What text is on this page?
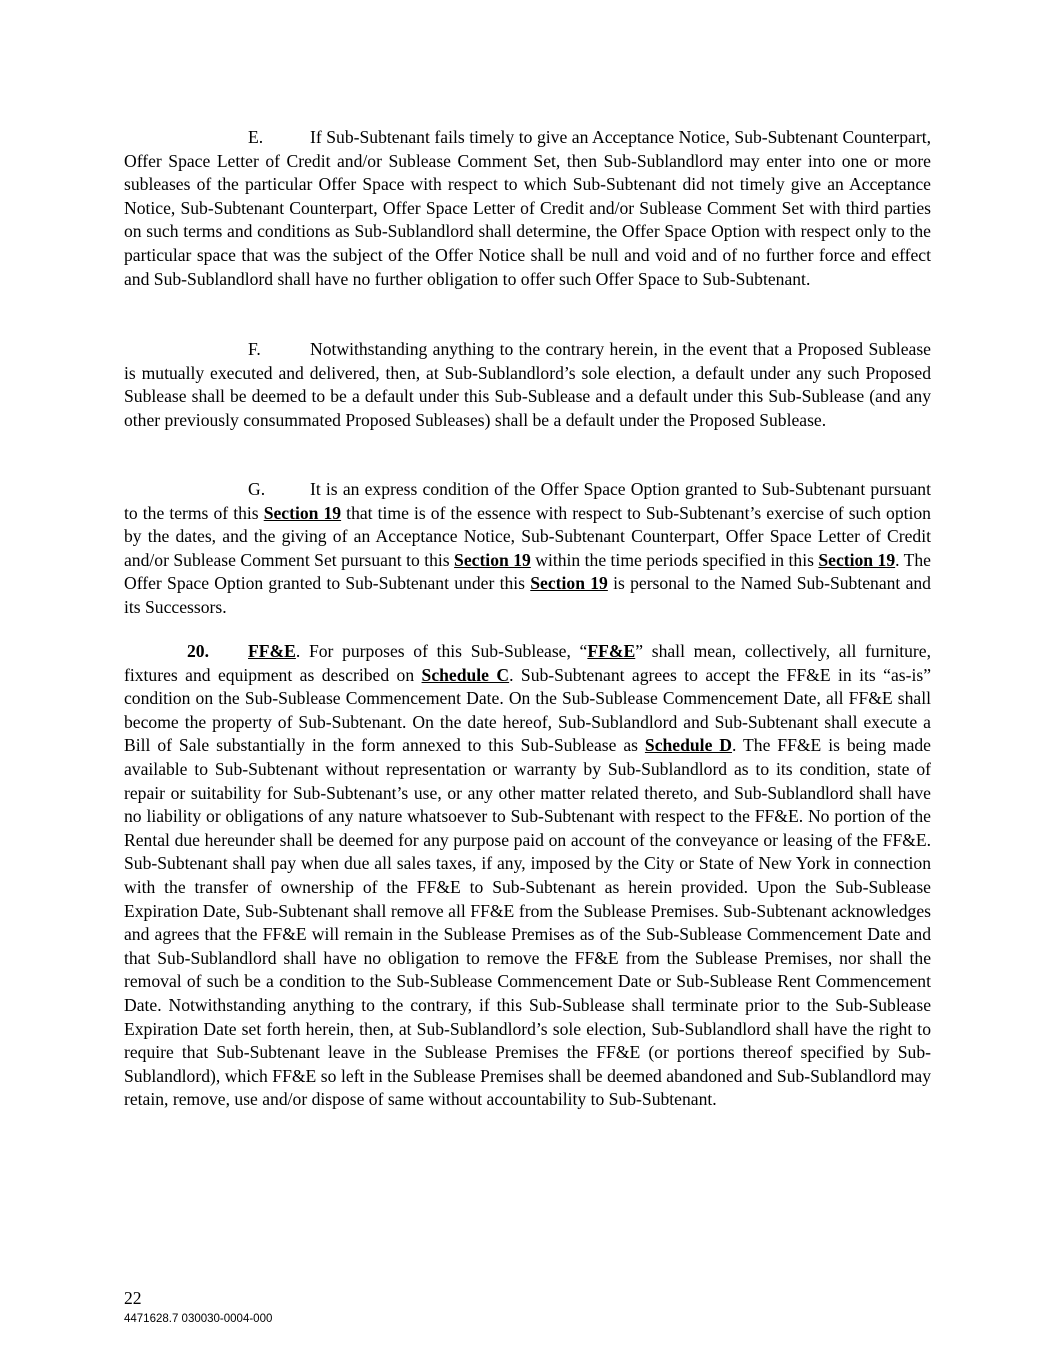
E.	If Sub-Subtenant fails timely to give an Acceptance Notice, Sub-Subtenant Counterpart, Offer Space Letter of Credit and/or Sublease Comment Set, then Sub-Sublandlord may enter into one or more subleases of the particular Offer Space with respect to which Sub-Subtenant did not timely give an Acceptance Notice, Sub-Subtenant Counterpart, Offer Space Letter of Credit and/or Sublease Comment Set with third parties on such terms and conditions as Sub-Sublandlord shall determine, the Offer Space Option with respect only to the particular space that was the subject of the Offer Notice shall be null and void and of no further force and effect and Sub-Sublandlord shall have no further obligation to offer such Offer Space to Sub-Subtenant.

F.	Notwithstanding anything to the contrary herein, in the event that a Proposed Sublease is mutually executed and delivered, then, at Sub-Sublandlord’s sole election, a default under any such Proposed Sublease shall be deemed to be a default under this Sub-Sublease and a default under this Sub-Sublease (and any other previously consummated Proposed Subleases) shall be a default under the Proposed Sublease.

G.	It is an express condition of the Offer Space Option granted to Sub-Subtenant pursuant to the terms of this Section 19 that time is of the essence with respect to Sub-Subtenant’s exercise of such option by the dates, and the giving of an Acceptance Notice, Sub-Subtenant Counterpart, Offer Space Letter of Credit and/or Sublease Comment Set pursuant to this Section 19 within the time periods specified in this Section 19. The Offer Space Option granted to Sub-Subtenant under this Section 19 is personal to the Named Sub-Subtenant and its Successors.

20. FF&E. For purposes of this Sub-Sublease, “FF&E” shall mean, collectively, all furniture, fixtures and equipment as described on Schedule C. Sub-Subtenant agrees to accept the FF&E in its “as-is” condition on the Sub-Sublease Commencement Date. On the Sub-Sublease Commencement Date, all FF&E shall become the property of Sub-Subtenant. On the date hereof, Sub-Sublandlord and Sub-Subtenant shall execute a Bill of Sale substantially in the form annexed to this Sub-Sublease as Schedule D. The FF&E is being made available to Sub-Subtenant without representation or warranty by Sub-Sublandlord as to its condition, state of repair or suitability for Sub-Subtenant’s use, or any other matter related thereto, and Sub-Sublandlord shall have no liability or obligations of any nature whatsoever to Sub-Subtenant with respect to the FF&E. No portion of the Rental due hereunder shall be deemed for any purpose paid on account of the conveyance or leasing of the FF&E. Sub-Subtenant shall pay when due all sales taxes, if any, imposed by the City or State of New York in connection with the transfer of ownership of the FF&E to Sub-Subtenant as herein provided. Upon the Sub-Sublease Expiration Date, Sub-Subtenant shall remove all FF&E from the Sublease Premises. Sub-Subtenant acknowledges and agrees that the FF&E will remain in the Sublease Premises as of the Sub-Sublease Commencement Date and that Sub-Sublandlord shall have no obligation to remove the FF&E from the Sublease Premises, nor shall the removal of such be a condition to the Sub-Sublease Commencement Date or Sub-Sublease Rent Commencement Date. Notwithstanding anything to the contrary, if this Sub-Sublease shall terminate prior to the Sub-Sublease Expiration Date set forth herein, then, at Sub-Sublandlord’s sole election, Sub-Sublandlord shall have the right to require that Sub-Subtenant leave in the Sublease Premises the FF&E (or portions thereof specified by Sub-Sublandlord), which FF&E so left in the Sublease Premises shall be deemed abandoned and Sub-Sublandlord may retain, remove, use and/or dispose of same without accountability to Sub-Subtenant.

22
4471628.7 030030-0004-000
